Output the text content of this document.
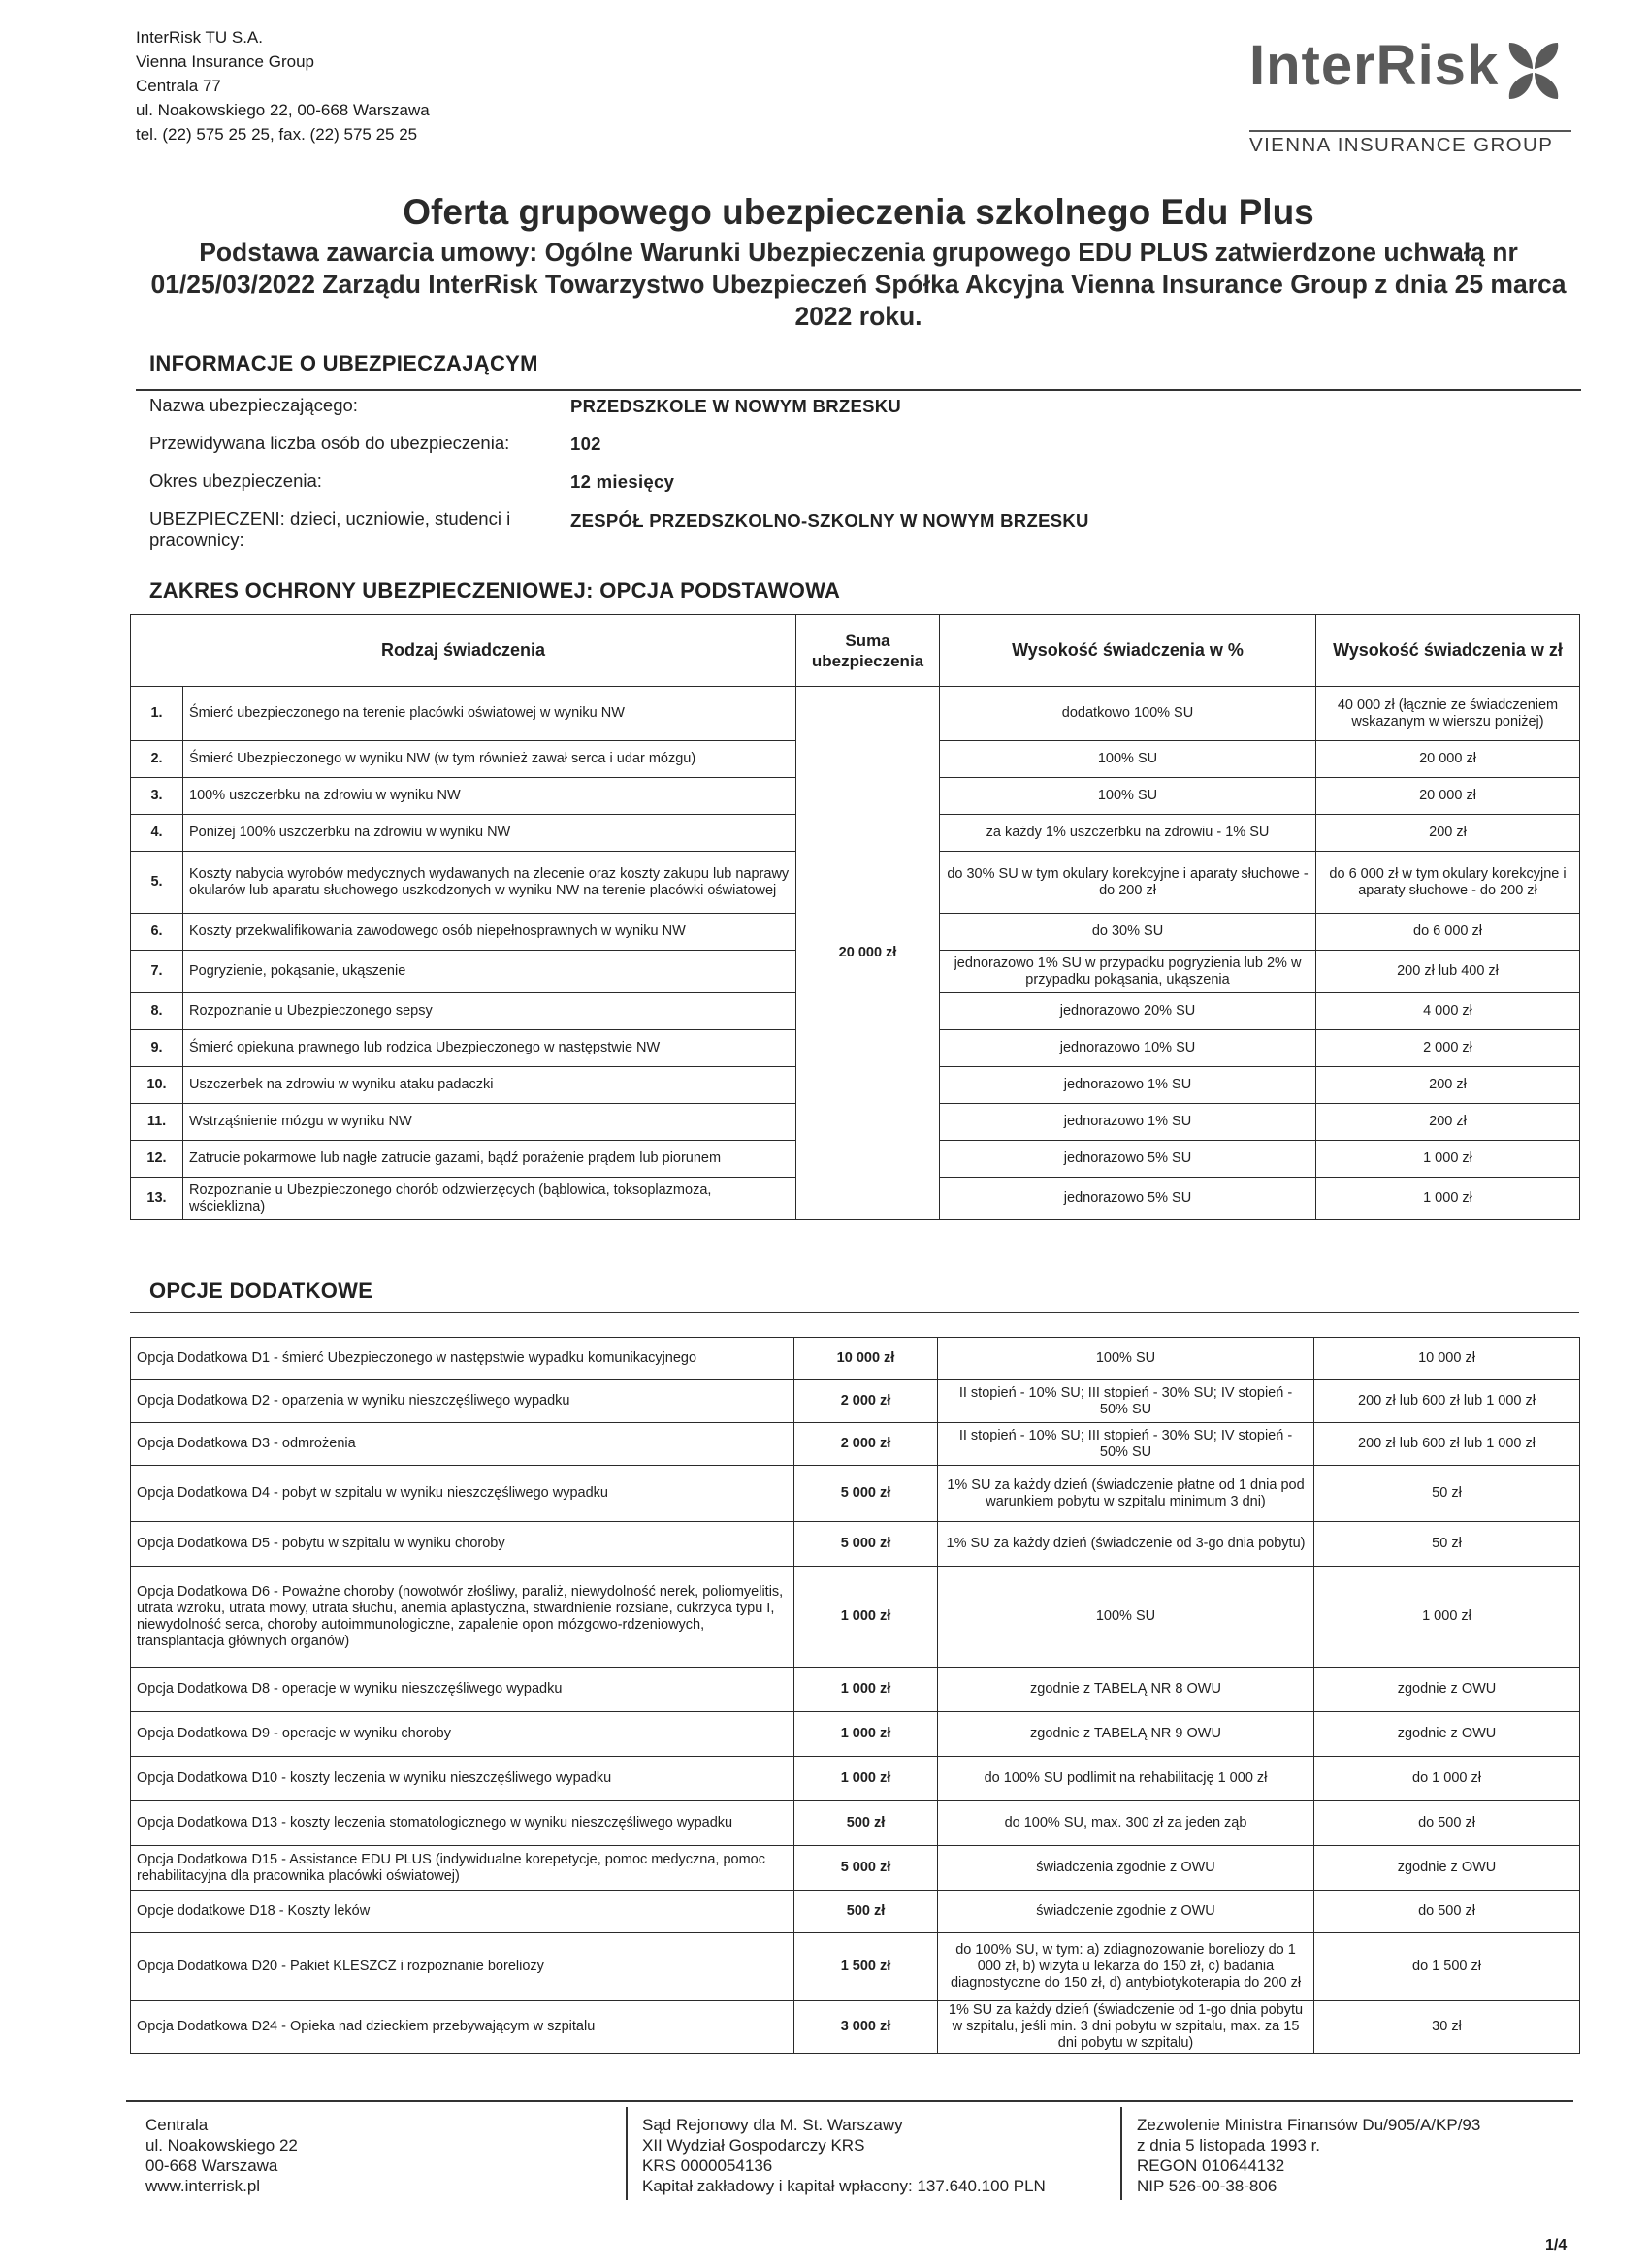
InterRisk TU S.A.
Vienna Insurance Group
Centrala 77
ul. Noakowskiego 22, 00-668 Warszawa
tel. (22) 575 25 25, fax. (22) 575 25 25
InterRisk
VIENNA INSURANCE GROUP
Oferta grupowego ubezpieczenia szkolnego Edu Plus
Podstawa zawarcia umowy: Ogólne Warunki Ubezpieczenia grupowego EDU PLUS zatwierdzone uchwałą nr 01/25/03/2022 Zarządu InterRisk Towarzystwo Ubezpieczeń Spółka Akcyjna Vienna Insurance Group z dnia 25 marca 2022 roku.
INFORMACJE O UBEZPIECZAJĄCYM
Nazwa ubezpieczającego:	PRZEDSZKOLE W NOWYM BRZESKU
Przewidywana liczba osób do ubezpieczenia:	102
Okres ubezpieczenia:	12 miesięcy
UBEZPIECZENI: dzieci, uczniowie, studenci i pracownicy:
ZESPÓŁ PRZEDSZKOLNO-SZKOLNY W NOWYM BRZESKU
ZAKRES OCHRONY UBEZPIECZENIOWEJ: OPCJA PODSTAWOWA
Rodzaj świadczenia		Suma ubezpieczenia	Wysokość świadczenia w %	Wysokość świadczenia w zł
1.	Śmierć ubezpieczonego na terenie placówki oświatowej w wyniku NW	20 000 zł	dodatkowo 100% SU	40 000 zł (łącznie ze świadczeniem wskazanym w wierszu poniżej)
2.	Śmierć Ubezpieczonego w wyniku NW (w tym również zawał serca i udar mózgu)		100% SU	20 000 zł
3.	100% uszczerbku na zdrowiu w wyniku NW		100% SU	20 000 zł
4.	Poniżej 100% uszczerbku na zdrowiu w wyniku NW		za każdy 1% uszczerbku na zdrowiu - 1% SU	200 zł
5.	Koszty nabycia wyrobów medycznych wydawanych na zlecenie oraz koszty zakupu lub naprawy okularów lub aparatu słuchowego uszkodzonych w wyniku NW na terenie placówki oświatowej		do 30% SU w tym okulary korekcyjne i aparaty słuchowe - do 200 zł	do 6 000 zł w tym okulary korekcyjne i aparaty słuchowe - do 200 zł
6.	Koszty przekwalifikowania zawodowego osób niepełnosprawnych w wyniku NW		do 30% SU	do 6 000 zł
7.	Pogryzienie, pokąsanie, ukąszenie		jednorazowo 1% SU w przypadku pogryzienia lub 2% w przypadku pokąsania, ukąszenia	200 zł lub 400 zł
8.	Rozpoznanie u Ubezpieczonego sepsy		jednorazowo 20% SU	4 000 zł
9.	Śmierć opiekuna prawnego lub rodzica Ubezpieczonego w następstwie NW		jednorazowo 10% SU	2 000 zł
10.	Uszczerbek na zdrowiu w wyniku ataku padaczki		jednorazowo 1% SU	200 zł
11.	Wstrząśnienie mózgu w wyniku NW		jednorazowo 1% SU	200 zł
12.	Zatrucie pokarmowe lub nagłe zatrucie gazami, bądź porażenie prądem lub piorunem		jednorazowo 5% SU	1 000 zł
13.	Rozpoznanie u Ubezpieczonego chorób odzwierzęcych (bąblowica, toksoplazmoza, wścieklizna)		jednorazowo 5% SU	1 000 zł
OPCJE DODATKOWE
Opcja Dodatkowa D1 - śmierć Ubezpieczonego w następstwie wypadku komunikacyjnego	10 000 zł	100% SU	10 000 zł
Opcja Dodatkowa D2 - oparzenia w wyniku nieszczęśliwego wypadku	2 000 zł	II stopień - 10% SU; III stopień - 30% SU; IV stopień - 50% SU	200 zł lub 600 zł lub 1 000 zł
Opcja Dodatkowa D3 - odmrożenia	2 000 zł	II stopień - 10% SU; III stopień - 30% SU; IV stopień - 50% SU	200 zł lub 600 zł lub 1 000 zł
Opcja Dodatkowa D4 - pobyt w szpitalu w wyniku nieszczęśliwego wypadku	5 000 zł	1% SU za każdy dzień (świadczenie płatne od 1 dnia pod warunkiem pobytu w szpitalu minimum 3 dni)	50 zł
Opcja Dodatkowa D5 - pobytu w szpitalu w wyniku choroby	5 000 zł	1% SU za każdy dzień (świadczenie od 3-go dnia pobytu)	50 zł
Opcja Dodatkowa D6 - Poważne choroby (nowotwór złośliwy, paraliż, niewydolność nerek, poliomyelitis, utrata wzroku, utrata mowy, utrata słuchu, anemia aplastyczna, stwardnienie rozsiane, cukrzyca typu I, niewydolność serca, choroby autoimmunologiczne, zapalenie opon mózgowo-rdzeniowych, transplantacja głównych organów)	1 000 zł	100% SU	1 000 zł
Opcja Dodatkowa D8 - operacje w wyniku nieszczęśliwego wypadku	1 000 zł	zgodnie z TABELĄ NR 8 OWU	zgodnie z OWU
Opcja Dodatkowa D9 - operacje w wyniku choroby	1 000 zł	zgodnie z TABELĄ NR 9 OWU	zgodnie z OWU
Opcja Dodatkowa D10 - koszty leczenia w wyniku nieszczęśliwego wypadku	1 000 zł	do 100% SU podlimit na rehabilitację 1 000 zł	do 1 000 zł
Opcja Dodatkowa D13 - koszty leczenia stomatologicznego w wyniku nieszczęśliwego wypadku	500 zł	do 100% SU, max. 300 zł za jeden ząb	do 500 zł
Opcja Dodatkowa D15 - Assistance EDU PLUS (indywidualne korepetycje, pomoc medyczna, pomoc rehabilitacyjna dla pracownika placówki oświatowej)	5 000 zł	świadczenia zgodnie z OWU	zgodnie z OWU
Opcje dodatkowe D18 - Koszty leków	500 zł	świadczenie zgodnie z OWU	do 500 zł
Opcja Dodatkowa D20 - Pakiet KLESZCZ i rozpoznanie boreliozy	1 500 zł	do 100% SU, w tym: a) zdiagnozowanie boreliozy do 1 000 zł, b) wizyta u lekarza do 150 zł, c) badania diagnostyczne do 150 zł, d) antybiotykoterapia do 200 zł	do 1 500 zł
Opcja Dodatkowa D24 - Opieka nad dzieckiem przebywającym w szpitalu	3 000 zł	1% SU za każdy dzień (świadczenie od 1-go dnia pobytu w szpitalu, jeśli min. 3 dni pobytu w szpitalu, max. za 15 dni pobytu w szpitalu)	30 zł
Centrala
ul. Noakowskiego 22
00-668 Warszawa
www.interrisk.pl
Sąd Rejonowy dla M. St. Warszawy
XII Wydział Gospodarczy KRS
KRS 0000054136
Kapitał zakładowy i kapitał wpłacony: 137.640.100 PLN
Zezwolenie Ministra Finansów Du/905/A/KP/93
z dnia 5 listopada 1993 r.
REGON 010644132
NIP 526-00-38-806
1/4
